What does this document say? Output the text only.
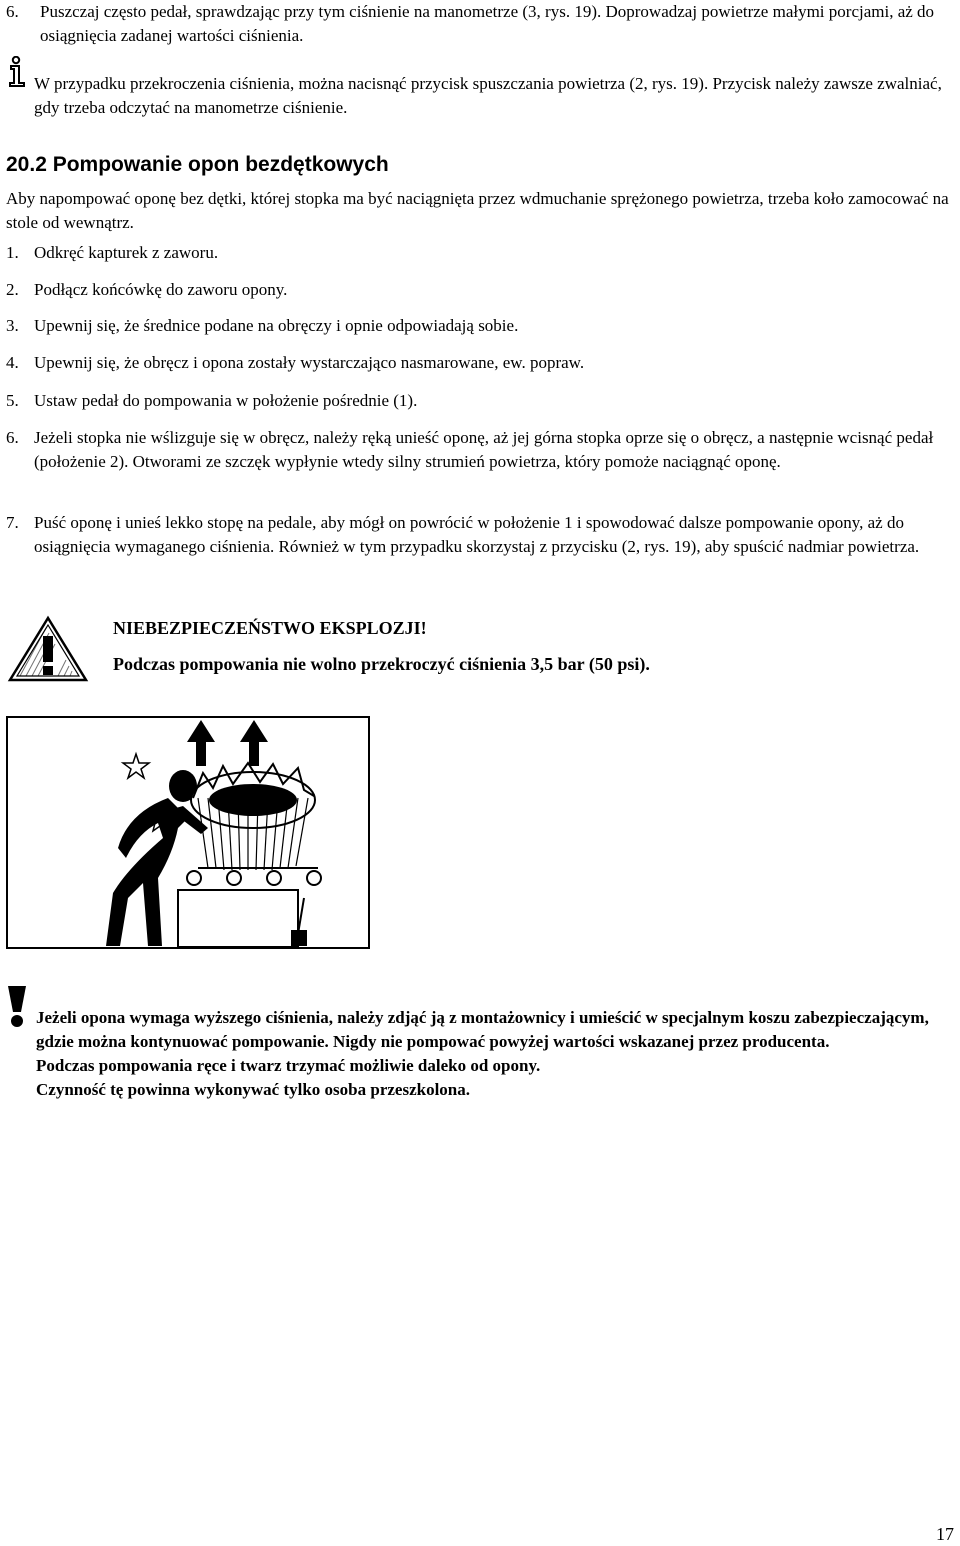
6. Puszczaj często pedał, sprawdzając przy tym ciśnienie na manometrze (3, rys. 19). Doprowadzaj powietrze małymi porcjami, aż do osiągnięcia zadanej wartości ciśnienia.
W przypadku przekroczenia ciśnienia, można nacisnąć przycisk spuszczania powietrza (2, rys. 19). Przycisk należy zawsze zwalniać, gdy trzeba odczytać na manometrze ciśnienie.
20.2 Pompowanie opon bezdętkowych
Aby napompować oponę bez dętki, której stopka ma być naciągnięta przez wdmuchanie sprężonego powietrza, trzeba koło zamocować na stole od wewnątrz.
1. Odkręć kapturek z zaworu.
2. Podłącz końcówkę do zaworu opony.
3. Upewnij się, że średnice podane na obręczy i opnie odpowiadają sobie.
4. Upewnij się, że obręcz i opona zostały wystarczająco nasmarowane, ew. popraw.
5. Ustaw pedał do pompowania w położenie pośrednie (1).
6. Jeżeli stopka nie wślizguje się w obręcz, należy ręką unieść oponę, aż jej górna stopka oprze się o obręcz, a następnie wcisnąć pedał (położenie 2). Otworami ze szczęk wypłynie wtedy silny strumień powietrza, który pomoże naciągnąć oponę.
7. Puść oponę i unieś lekko stopę na pedale, aby mógł on powrócić w położenie 1 i spowodować dalsze pompowanie opony, aż do osiągnięcia wymaganego ciśnienia. Również w tym przypadku skorzystaj z przycisku (2, rys. 19), aby spuścić nadmiar powietrza.
NIEBEZPIECZEŃSTWO EKSPLOZJI!
Podczas pompowania nie wolno przekroczyć ciśnienia 3,5 bar (50 psi).
Jeżeli opona wymaga wyższego ciśnienia, należy zdjąć ją z montażownicy i umieścić w specjalnym koszu zabezpieczającym, gdzie można kontynuować pompowanie. Nigdy nie pompować powyżej wartości wskazanej przez producenta.
Podczas pompowania ręce i twarz trzymać możliwie daleko od opony.
Czynność tę powinna wykonywać tylko osoba przeszkolona.
17
